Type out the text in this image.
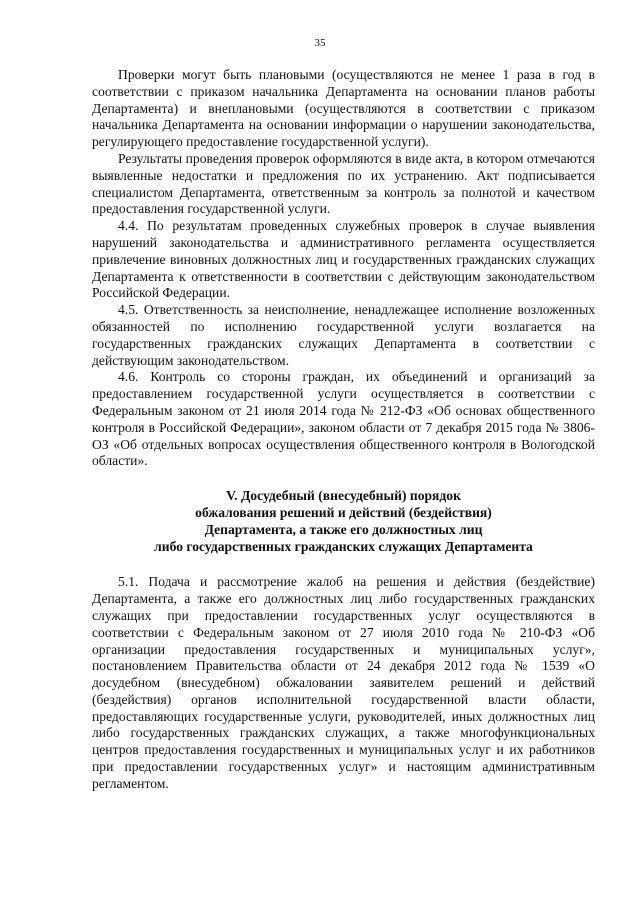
35

Проверки могут быть плановыми (осуществляются не менее 1 раза в год в соответствии с приказом начальника Департамента на основании планов работы Департамента) и внеплановыми (осуществляются в соответствии с приказом начальника Департамента на основании информации о нарушении законодательства, регулирующего предоставление государственной услуги).

Результаты проведения проверок оформляются в виде акта, в котором отмечаются выявленные недостатки и предложения по их устранению. Акт подписывается специалистом Департамента, ответственным за контроль за полнотой и качеством предоставления государственной услуги.

4.4. По результатам проведенных служебных проверок в случае выявления нарушений законодательства и административного регламента осуществляется привлечение виновных должностных лиц и государственных гражданских служащих Департамента к ответственности в соответствии с действующим законодательством Российской Федерации.

4.5. Ответственность за неисполнение, ненадлежащее исполнение возложенных обязанностей по исполнению государственной услуги возлагается на государственных гражданских служащих Департамента в соответствии с действующим законодательством.

4.6. Контроль со стороны граждан, их объединений и организаций за предоставлением государственной услуги осуществляется в соответствии с Федеральным законом от 21 июля 2014 года № 212-ФЗ «Об основах общественного контроля в Российской Федерации», законом области от 7 декабря 2015 года № 3806-ОЗ «Об отдельных вопросах осуществления общественного контроля в Вологодской области».

V. Досудебный (внесудебный) порядок
обжалования решений и действий (бездействия)
Департамента, а также его должностных лиц
либо государственных гражданских служащих Департамента

5.1. Подача и рассмотрение жалоб на решения и действия (бездействие) Департамента, а также его должностных лиц либо государственных гражданских служащих при предоставлении государственных услуг осуществляются в соответствии с Федеральным законом от 27 июля 2010 года № 210-ФЗ «Об организации предоставления государственных и муниципальных услуг», постановлением Правительства области от 24 декабря 2012 года № 1539 «О досудебном (внесудебном) обжаловании заявителем решений и действий (бездействия) органов исполнительной государственной власти области, предоставляющих государственные услуги, руководителей, иных должностных лиц либо государственных гражданских служащих, а также многофункциональных центров предоставления государственных и муниципальных услуг и их работников при предоставлении государственных услуг» и настоящим административным регламентом.
